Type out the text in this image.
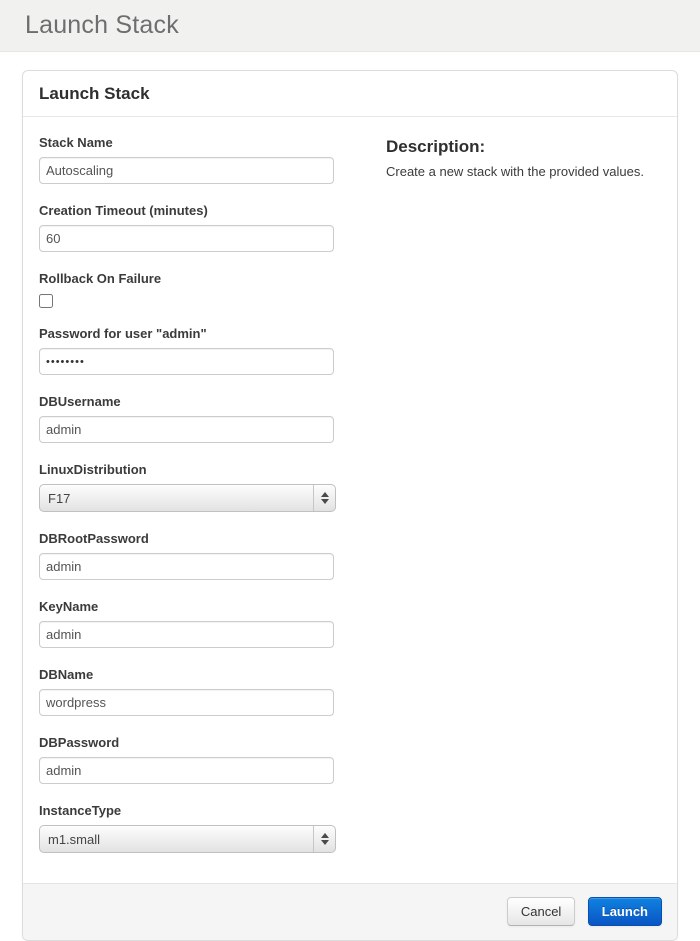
Launch Stack
Launch Stack
Stack Name
Autoscaling
Creation Timeout (minutes)
60
Rollback On Failure
Password for user "admin"
••••••••
DBUsername
admin
LinuxDistribution
F17
DBRootPassword
admin
KeyName
admin
DBName
wordpress
DBPassword
admin
InstanceType
m1.small
Description:
Create a new stack with the provided values.
Cancel	Launch
